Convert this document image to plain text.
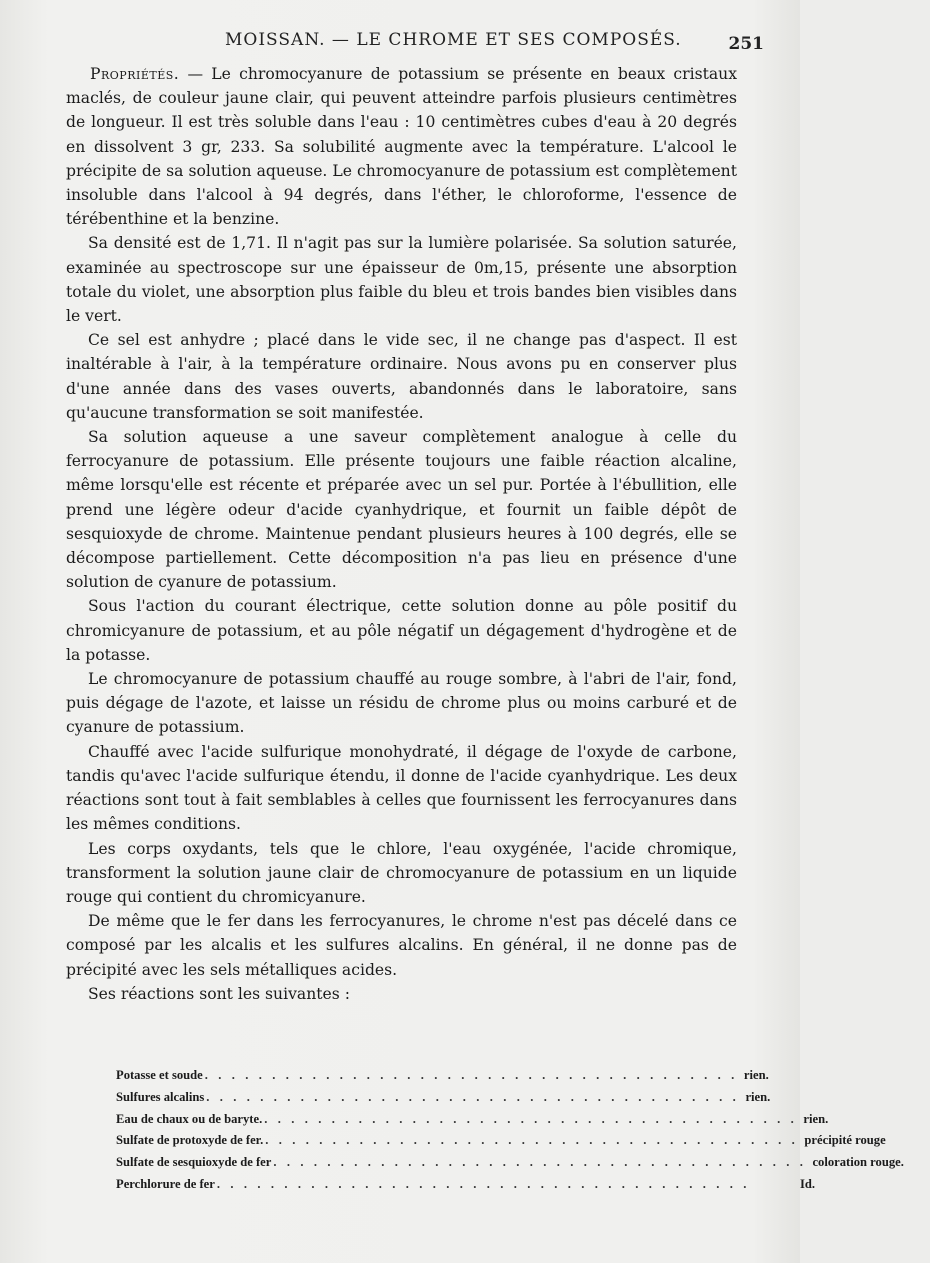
MOISSAN. — LE CHROME ET SES COMPOSÉS.	251

Propriétés. — Le chromocyanure de potassium se présente en beaux cristaux maclés, de couleur jaune clair, qui peuvent atteindre parfois plusieurs centimètres de longueur. Il est très soluble dans l'eau : 10 centimètres cubes d'eau à 20 degrés en dissolvent 3 gr, 233. Sa solubilité augmente avec la température. L'alcool le précipite de sa solution aqueuse. Le chromocyanure de potassium est complètement insoluble dans l'alcool à 94 degrés, dans l'éther, le chloroforme, l'essence de térébenthine et la benzine.

Sa densité est de 1,71. Il n'agit pas sur la lumière polarisée. Sa solution saturée, examinée au spectroscope sur une épaisseur de 0m,15, présente une absorption totale du violet, une absorption plus faible du bleu et trois bandes bien visibles dans le vert.

Ce sel est anhydre ; placé dans le vide sec, il ne change pas d'aspect. Il est inaltérable à l'air, à la température ordinaire. Nous avons pu en conserver plus d'une année dans des vases ouverts, abandonnés dans le laboratoire, sans qu'aucune transformation se soit manifestée.

Sa solution aqueuse a une saveur complètement analogue à celle du ferrocyanure de potassium. Elle présente toujours une faible réaction alcaline, même lorsqu'elle est récente et préparée avec un sel pur. Portée à l'ébullition, elle prend une légère odeur d'acide cyanhydrique, et fournit un faible dépôt de sesquioxyde de chrome. Maintenue pendant plusieurs heures à 100 degrés, elle se décompose partiellement. Cette décomposition n'a pas lieu en présence d'une solution de cyanure de potassium.

Sous l'action du courant électrique, cette solution donne au pôle positif du chromicyanure de potassium, et au pôle négatif un dégagement d'hydrogène et de la potasse.

Le chromocyanure de potassium chauffé au rouge sombre, à l'abri de l'air, fond, puis dégage de l'azote, et laisse un résidu de chrome plus ou moins carburé et de cyanure de potassium.

Chauffé avec l'acide sulfurique monohydraté, il dégage de l'oxyde de carbone, tandis qu'avec l'acide sulfurique étendu, il donne de l'acide cyanhydrique. Les deux réactions sont tout à fait semblables à celles que fournissent les ferrocyanures dans les mêmes conditions.

Les corps oxydants, tels que le chlore, l'eau oxygénée, l'acide chromique, transforment la solution jaune clair de chromocyanure de potassium en un liquide rouge qui contient du chromicyanure.

De même que le fer dans les ferrocyanures, le chrome n'est pas décelé dans ce composé par les alcalis et les sulfures alcalins. En général, il ne donne pas de précipité avec les sels métalliques acides.

Ses réactions sont les suivantes :

Potasse et soude . . . . . . . . . . . . . . . . . . . . . . . . . . . . . . . . . . . . . . . . rien.
Sulfures alcalins . . . . . . . . . . . . . . . . . . . . . . . . . . . . . . . . . . . . . . . . rien.
Eau de chaux ou de baryte. . . . . . . . . . . . . . . . . . . . . . . . . . . . . . . . . . . . . . . . . rien.
Sulfate de protoxyde de fer. . . . . . . . . . . . . . . . . . . . . . . . . . . . . . . . . . . . . . . . . précipité rouge
Sulfate de sesquioxyde de fer . . . . . . . . . . . . . . . . . . . . . . . . . . . . . . . . . . . . . . . . coloration rouge.
Perchlorure de fer . . . . . . . . . . . . . . . . . . . . . . . . . . . . . . . . . . . . . . . .	Id.
